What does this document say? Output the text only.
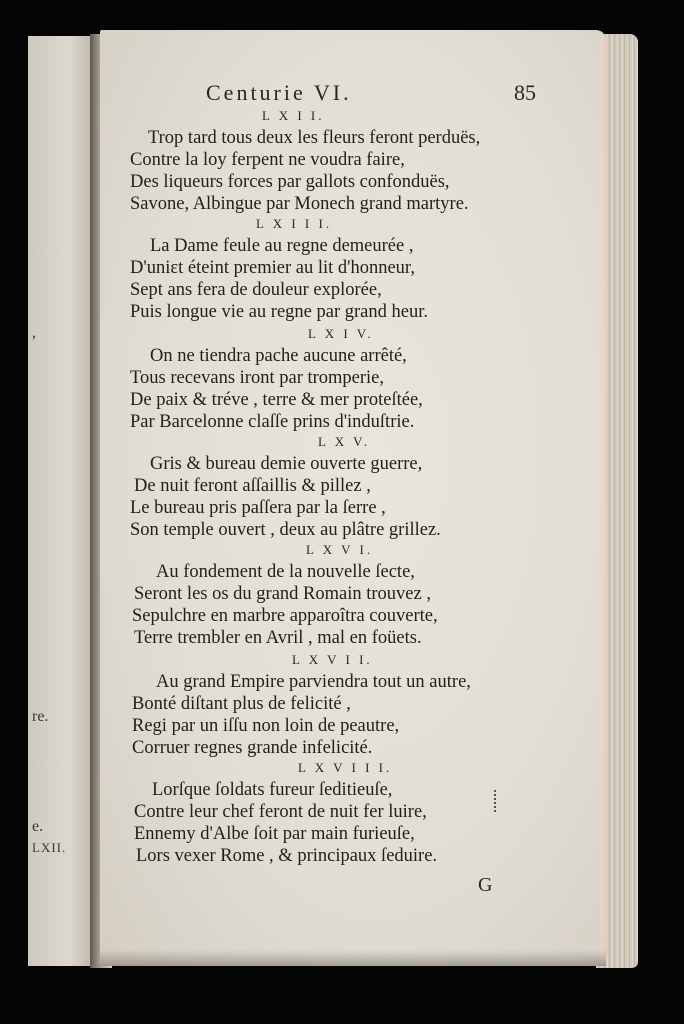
,
re.
e.
LXII.
Centurie VI.	85
L X I I.
Trop tard tous deux les fleurs feront perduës,
Contre la loy ferpent ne voudra faire,
Des liqueurs forces par gallots confonduës,
Savone, Albingue par Monech grand martyre.
L X I I I.
La Dame feule au regne demeurée ,
D'uniɛt éteint premier au lit d'honneur,
Sept ans fera de douleur explorée,
Puis longue vie au regne par grand heur.
L X I V.
On ne tiendra pache aucune arrêté,
Tous recevans iront par tromperie,
De paix & tréve , terre & mer proteſtée,
Par Barcelonne claſſe prins d'induſtrie.
L X V.
Gris & bureau demie ouverte guerre,
De nuit feront aſſaillis & pillez ,
Le bureau pris paſſera par la ſerre ,
Son temple ouvert , deux au plâtre grillez.
L X V I.
Au fondement de la nouvelle ſecte,
Seront les os du grand Romain trouvez ,
Sepulchre en marbre apparoîtra couverte,
Terre trembler en Avril , mal en foüets.
L X V I I.
Au grand Empire parviendra tout un autre,
Bonté diſtant plus de felicité ,
Regi par un iſſu non loin de peautre,
Corruer regnes grande infelicité.
L X V I I I.
Lorſque ſoldats fureur ſeditieuſe,
Contre leur chef feront de nuit fer luire,
Ennemy d'Albe ſoit par main furieuſe,
Lors vexer Rome , & principaux ſeduire.
G
